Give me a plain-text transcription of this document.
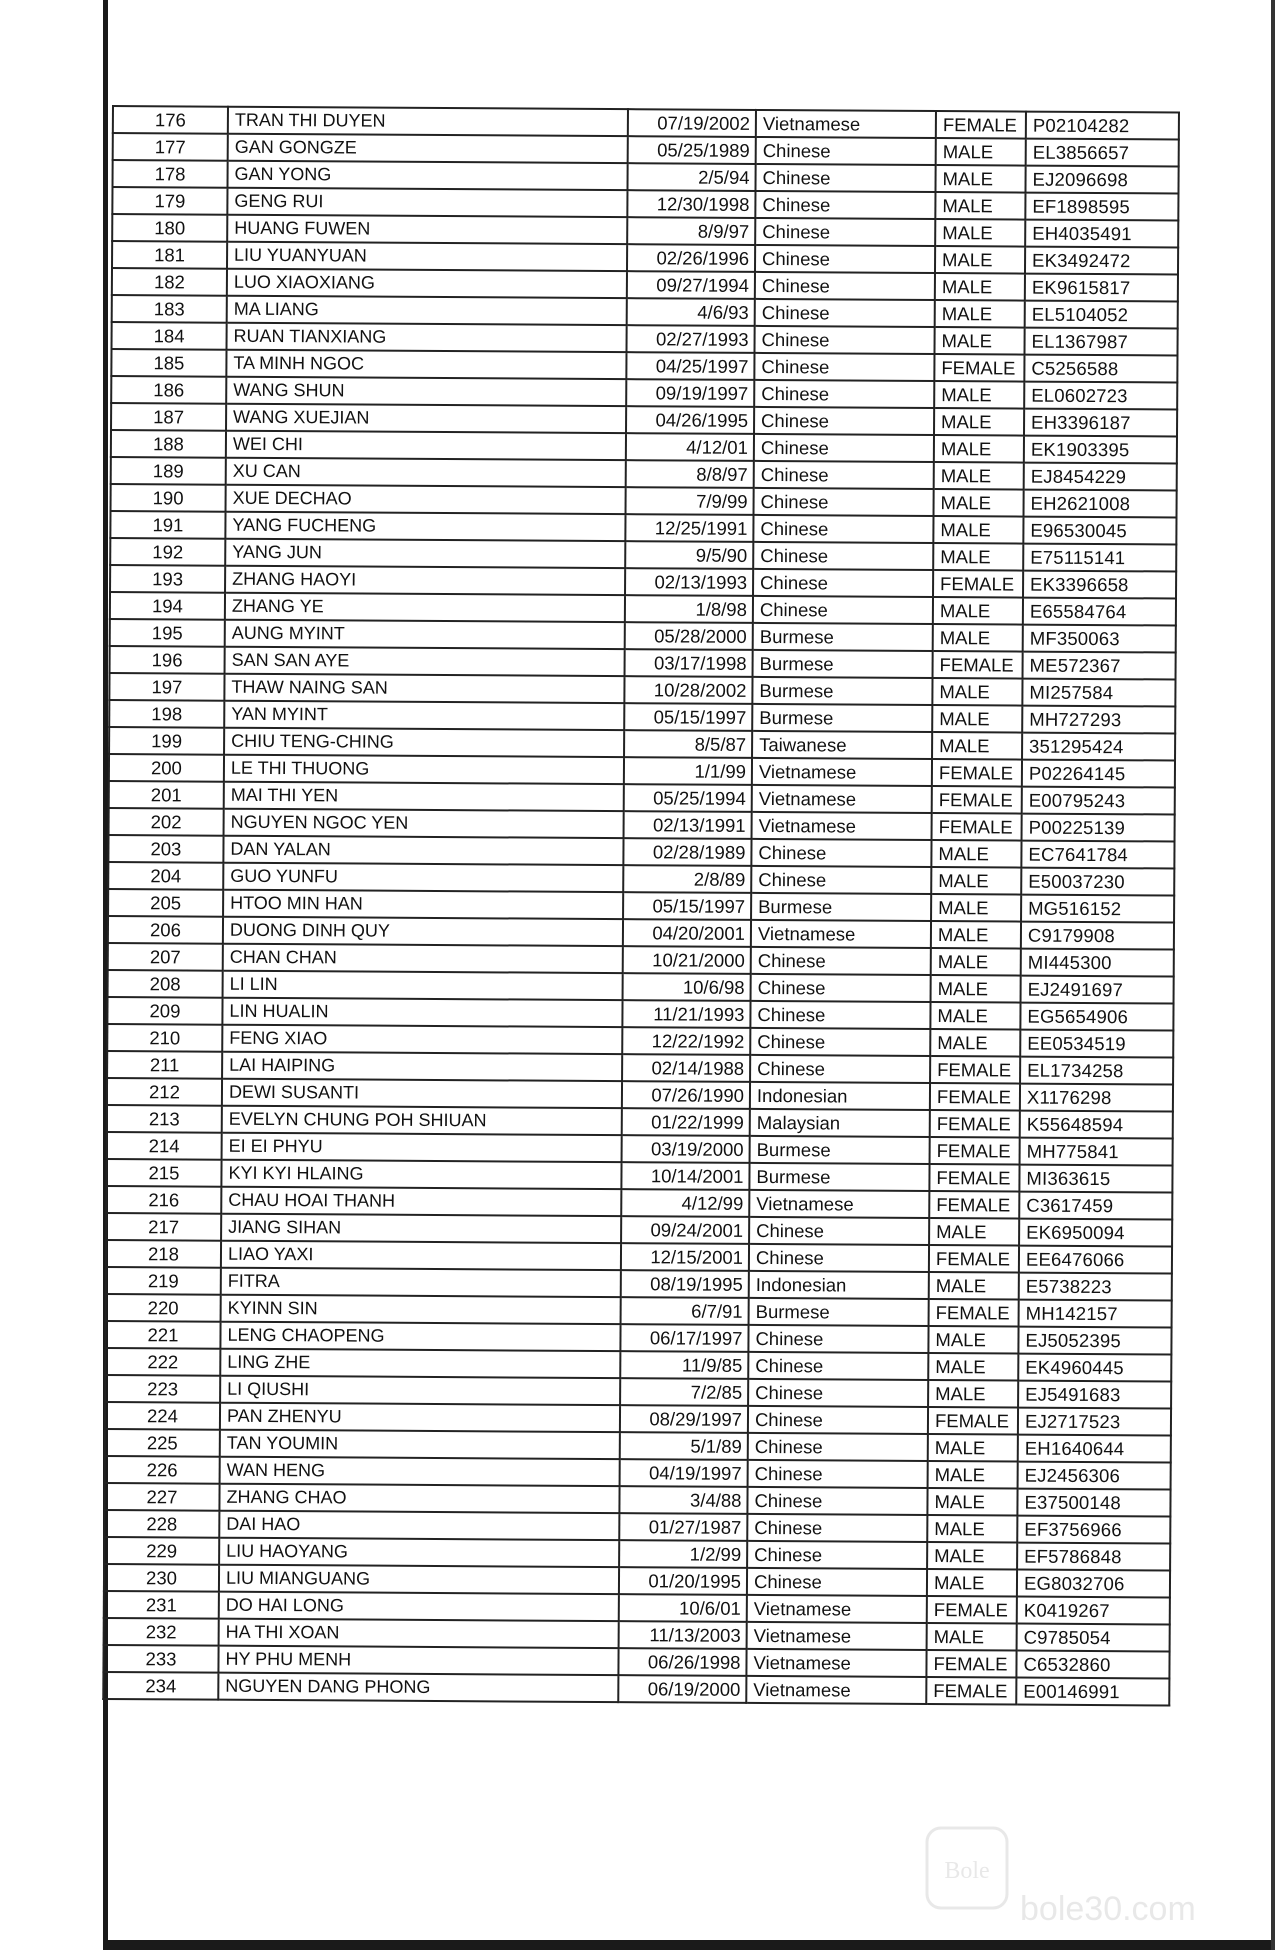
176	TRAN THI DUYEN	07/19/2002	Vietnamese	FEMALE	P02104282
177	GAN GONGZE	05/25/1989	Chinese	MALE	EL3856657
178	GAN YONG	2/5/94	Chinese	MALE	EJ2096698
179	GENG RUI	12/30/1998	Chinese	MALE	EF1898595
180	HUANG FUWEN	8/9/97	Chinese	MALE	EH4035491
181	LIU YUANYUAN	02/26/1996	Chinese	MALE	EK3492472
182	LUO XIAOXIANG	09/27/1994	Chinese	MALE	EK9615817
183	MA LIANG	4/6/93	Chinese	MALE	EL5104052
184	RUAN TIANXIANG	02/27/1993	Chinese	MALE	EL1367987
185	TA MINH NGOC	04/25/1997	Chinese	FEMALE	C5256588
186	WANG SHUN	09/19/1997	Chinese	MALE	EL0602723
187	WANG XUEJIAN	04/26/1995	Chinese	MALE	EH3396187
188	WEI CHI	4/12/01	Chinese	MALE	EK1903395
189	XU CAN	8/8/97	Chinese	MALE	EJ8454229
190	XUE DECHAO	7/9/99	Chinese	MALE	EH2621008
191	YANG FUCHENG	12/25/1991	Chinese	MALE	E96530045
192	YANG JUN	9/5/90	Chinese	MALE	E75115141
193	ZHANG HAOYI	02/13/1993	Chinese	FEMALE	EK3396658
194	ZHANG YE	1/8/98	Chinese	MALE	E65584764
195	AUNG MYINT	05/28/2000	Burmese	MALE	MF350063
196	SAN SAN AYE	03/17/1998	Burmese	FEMALE	ME572367
197	THAW NAING SAN	10/28/2002	Burmese	MALE	MI257584
198	YAN MYINT	05/15/1997	Burmese	MALE	MH727293
199	CHIU TENG-CHING	8/5/87	Taiwanese	MALE	351295424
200	LE THI THUONG	1/1/99	Vietnamese	FEMALE	P02264145
201	MAI THI YEN	05/25/1994	Vietnamese	FEMALE	E00795243
202	NGUYEN NGOC YEN	02/13/1991	Vietnamese	FEMALE	P00225139
203	DAN YALAN	02/28/1989	Chinese	MALE	EC7641784
204	GUO YUNFU	2/8/89	Chinese	MALE	E50037230
205	HTOO MIN HAN	05/15/1997	Burmese	MALE	MG516152
206	DUONG DINH QUY	04/20/2001	Vietnamese	MALE	C9179908
207	CHAN CHAN	10/21/2000	Chinese	MALE	MI445300
208	LI LIN	10/6/98	Chinese	MALE	EJ2491697
209	LIN HUALIN	11/21/1993	Chinese	MALE	EG5654906
210	FENG XIAO	12/22/1992	Chinese	MALE	EE0534519
211	LAI HAIPING	02/14/1988	Chinese	FEMALE	EL1734258
212	DEWI SUSANTI	07/26/1990	Indonesian	FEMALE	X1176298
213	EVELYN CHUNG POH SHIUAN	01/22/1999	Malaysian	FEMALE	K55648594
214	EI EI PHYU	03/19/2000	Burmese	FEMALE	MH775841
215	KYI KYI HLAING	10/14/2001	Burmese	FEMALE	MI363615
216	CHAU HOAI THANH	4/12/99	Vietnamese	FEMALE	C3617459
217	JIANG SIHAN	09/24/2001	Chinese	MALE	EK6950094
218	LIAO YAXI	12/15/2001	Chinese	FEMALE	EE6476066
219	FITRA	08/19/1995	Indonesian	MALE	E5738223
220	KYINN SIN	6/7/91	Burmese	FEMALE	MH142157
221	LENG CHAOPENG	06/17/1997	Chinese	MALE	EJ5052395
222	LING ZHE	11/9/85	Chinese	MALE	EK4960445
223	LI QIUSHI	7/2/85	Chinese	MALE	EJ5491683
224	PAN ZHENYU	08/29/1997	Chinese	FEMALE	EJ2717523
225	TAN YOUMIN	5/1/89	Chinese	MALE	EH1640644
226	WAN HENG	04/19/1997	Chinese	MALE	EJ2456306
227	ZHANG CHAO	3/4/88	Chinese	MALE	E37500148
228	DAI HAO	01/27/1987	Chinese	MALE	EF3756966
229	LIU HAOYANG	1/2/99	Chinese	MALE	EF5786848
230	LIU MIANGUANG	01/20/1995	Chinese	MALE	EG8032706
231	DO HAI LONG	10/6/01	Vietnamese	FEMALE	K0419267
232	HA THI XOAN	11/13/2003	Vietnamese	MALE	C9785054
233	HY PHU MENH	06/26/1998	Vietnamese	FEMALE	C6532860
234	NGUYEN DANG PHONG	06/19/2000	Vietnamese	FEMALE	E00146991
Bole
bole30.com
